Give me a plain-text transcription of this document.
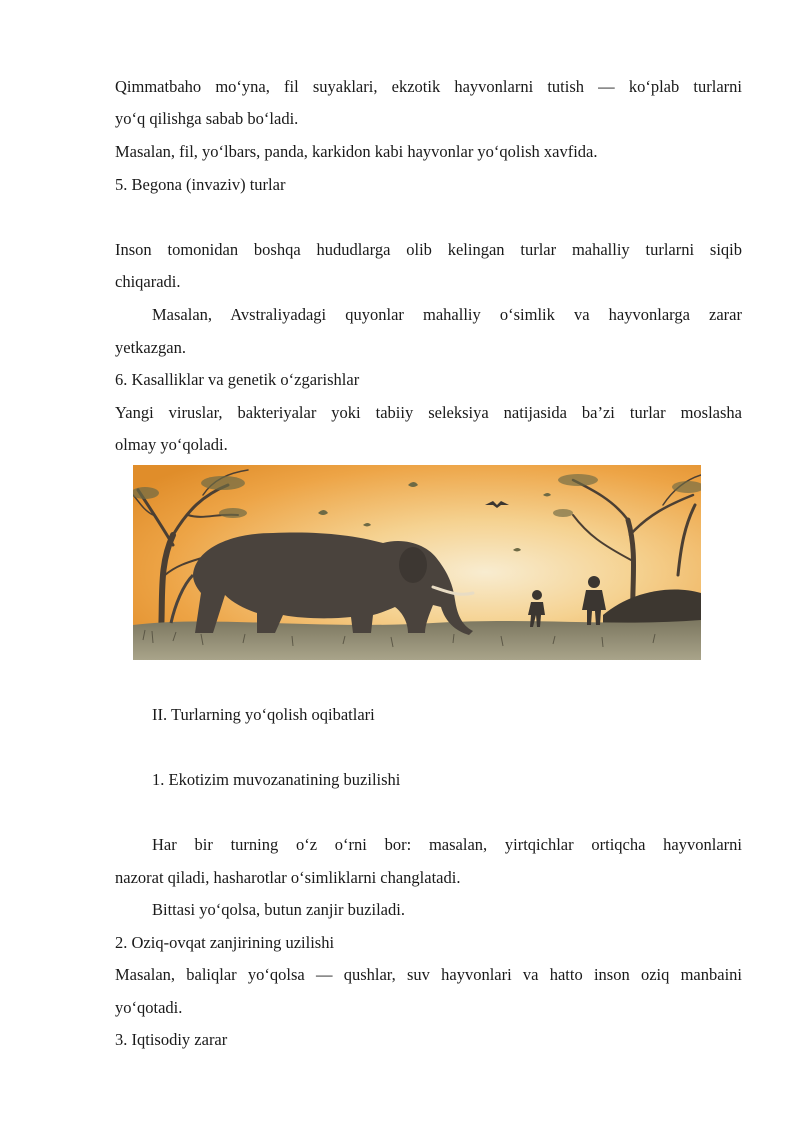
Qimmatbaho mo‘yna, fil suyaklari, ekzotik hayvonlarni tutish — ko‘plab turlarni
yo‘q qilishga sabab bo‘ladi.
Masalan, fil, yo‘lbars, panda, karkidon kabi hayvonlar yo‘qolish xavfida.
5. Begona (invaziv) turlar
Inson tomonidan boshqa hududlarga olib kelingan turlar mahalliy turlarni siqib
chiqaradi.
Masalan, Avstraliyadagi quyonlar mahalliy o‘simlik va hayvonlarga zarar
yetkazgan.
6. Kasalliklar va genetik o‘zgarishlar
Yangi viruslar, bakteriyalar yoki tabiiy seleksiya natijasida ba’zi turlar moslasha
olmay yo‘qoladi.
II. Turlarning yo‘qolish oqibatlari
1. Ekotizim muvozanatining buzilishi
Har bir turning o‘z o‘rni bor: masalan, yirtqichlar ortiqcha hayvonlarni
nazorat qiladi, hasharotlar o‘simliklarni changlatadi.
Bittasi yo‘qolsa, butun zanjir buziladi.
2. Oziq-ovqat zanjirining uzilishi
Masalan, baliqlar yo‘qolsa — qushlar, suv hayvonlari va hatto inson oziq manbaini
yo‘qotadi.
3. Iqtisodiy zarar
